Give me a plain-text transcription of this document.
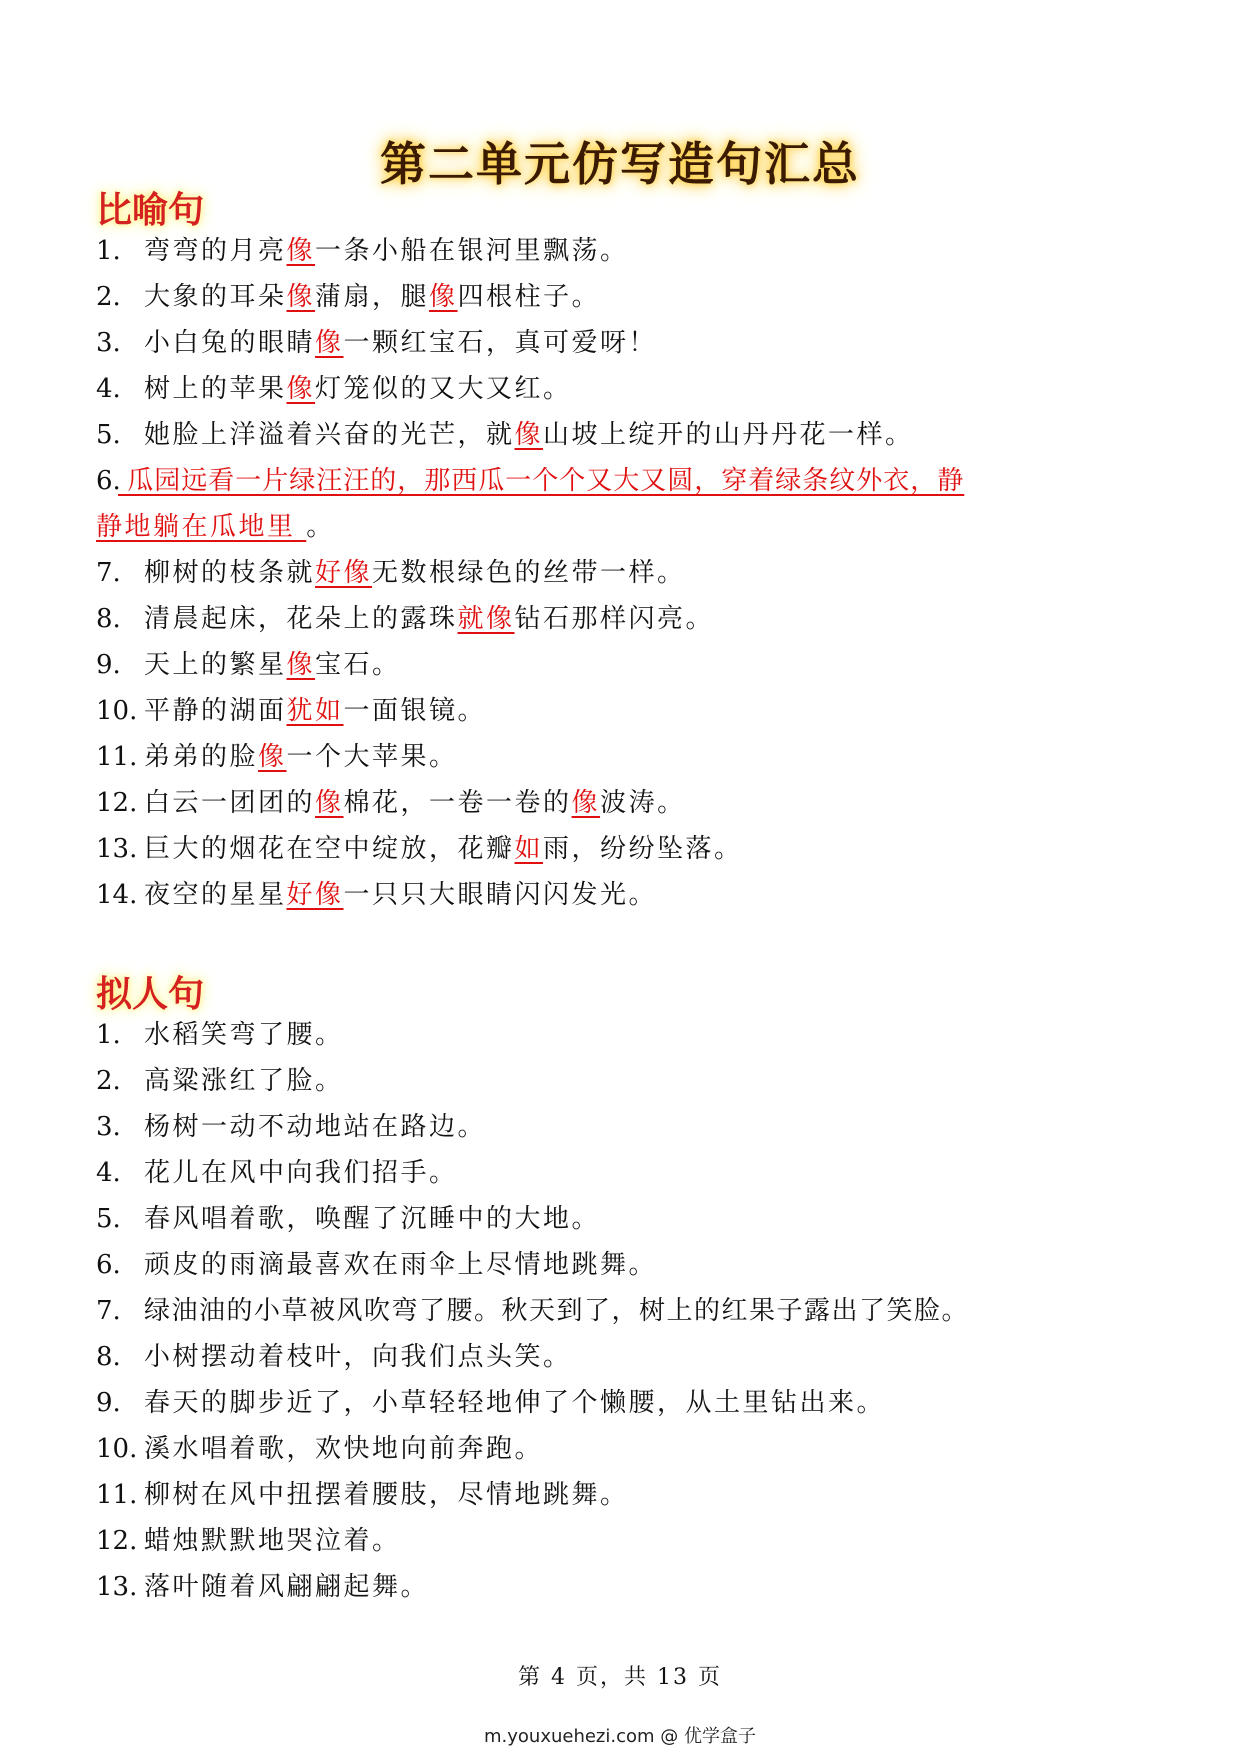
第二单元仿写造句汇总
比喻句
1. 弯弯的月亮像一条小船在银河里飘荡。
2. 大象的耳朵像蒲扇，腿像四根柱子。
3. 小白兔的眼睛像一颗红宝石，真可爱呀！
4. 树上的苹果像灯笼似的又大又红。
5. 她脸上洋溢着兴奋的光芒，就像山坡上绽开的山丹丹花一样。
6. 瓜园远看一片绿汪汪的，那西瓜一个个又大又圆，穿着绿条纹外衣，静
静地躺在瓜地里 。
7. 柳树的枝条就好像无数根绿色的丝带一样。
8. 清晨起床，花朵上的露珠就像钻石那样闪亮。
9. 天上的繁星像宝石。
10. 平静的湖面犹如一面银镜。
11. 弟弟的脸像一个大苹果。
12. 白云一团团的像棉花，一卷一卷的像波涛。
13. 巨大的烟花在空中绽放，花瓣如雨，纷纷坠落。
14. 夜空的星星好像一只只大眼睛闪闪发光。
拟人句
1. 水稻笑弯了腰。
2. 高粱涨红了脸。
3. 杨树一动不动地站在路边。
4. 花儿在风中向我们招手。
5. 春风唱着歌，唤醒了沉睡中的大地。
6. 顽皮的雨滴最喜欢在雨伞上尽情地跳舞。
7. 绿油油的小草被风吹弯了腰。秋天到了，树上的红果子露出了笑脸。
8. 小树摆动着枝叶，向我们点头笑。
9. 春天的脚步近了，小草轻轻地伸了个懒腰，从土里钻出来。
10. 溪水唱着歌，欢快地向前奔跑。
11. 柳树在风中扭摆着腰肢，尽情地跳舞。
12. 蜡烛默默地哭泣着。
13. 落叶随着风翩翩起舞。
第 4 页，共 13 页
m.youxuehezi.com @ 优学盒子
